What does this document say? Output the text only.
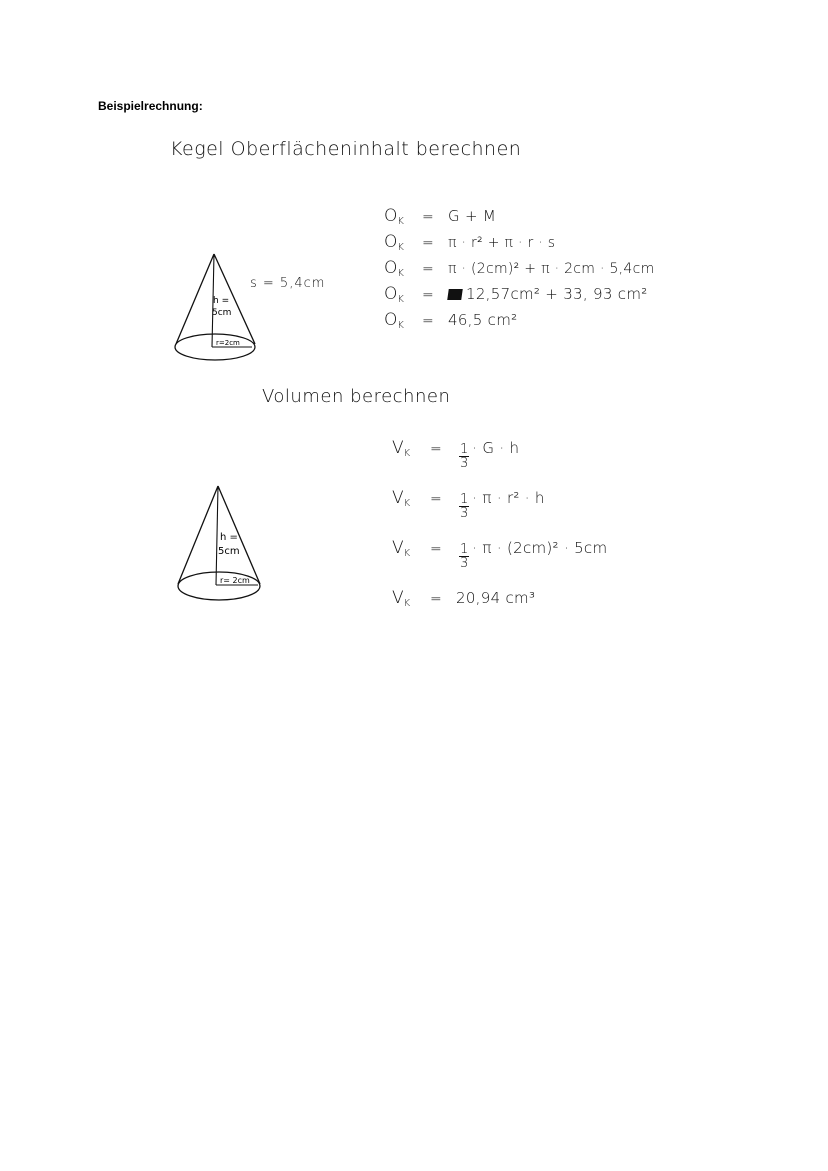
Beispielrechnung:
Kegel Oberflächeninhalt berechnen
h =
5cm
r=2cm
s = 5,4cm
$O_K$	= G + M
$O_K$	=	π · r² + π · r · s
$O_K$	=	π · (2cm)² + π · 2cm · 5,4cm
$O_K$	=	12,57cm² + 33, 93 cm²
$O_K$	= 46,5 cm²
Volumen berechnen
h =
5cm
r= 2cm
$V_K$	=	$\frac{1}{3} \cdot G \cdot h$
$V_K$	=	$\frac{1}{3} \cdot \pi \cdot r^2 \cdot h$
$V_K$	=	$\frac{1}{3} \cdot \pi \cdot (2cm)^2 \cdot 5cm$
$V_K$	= 20,94 cm³
